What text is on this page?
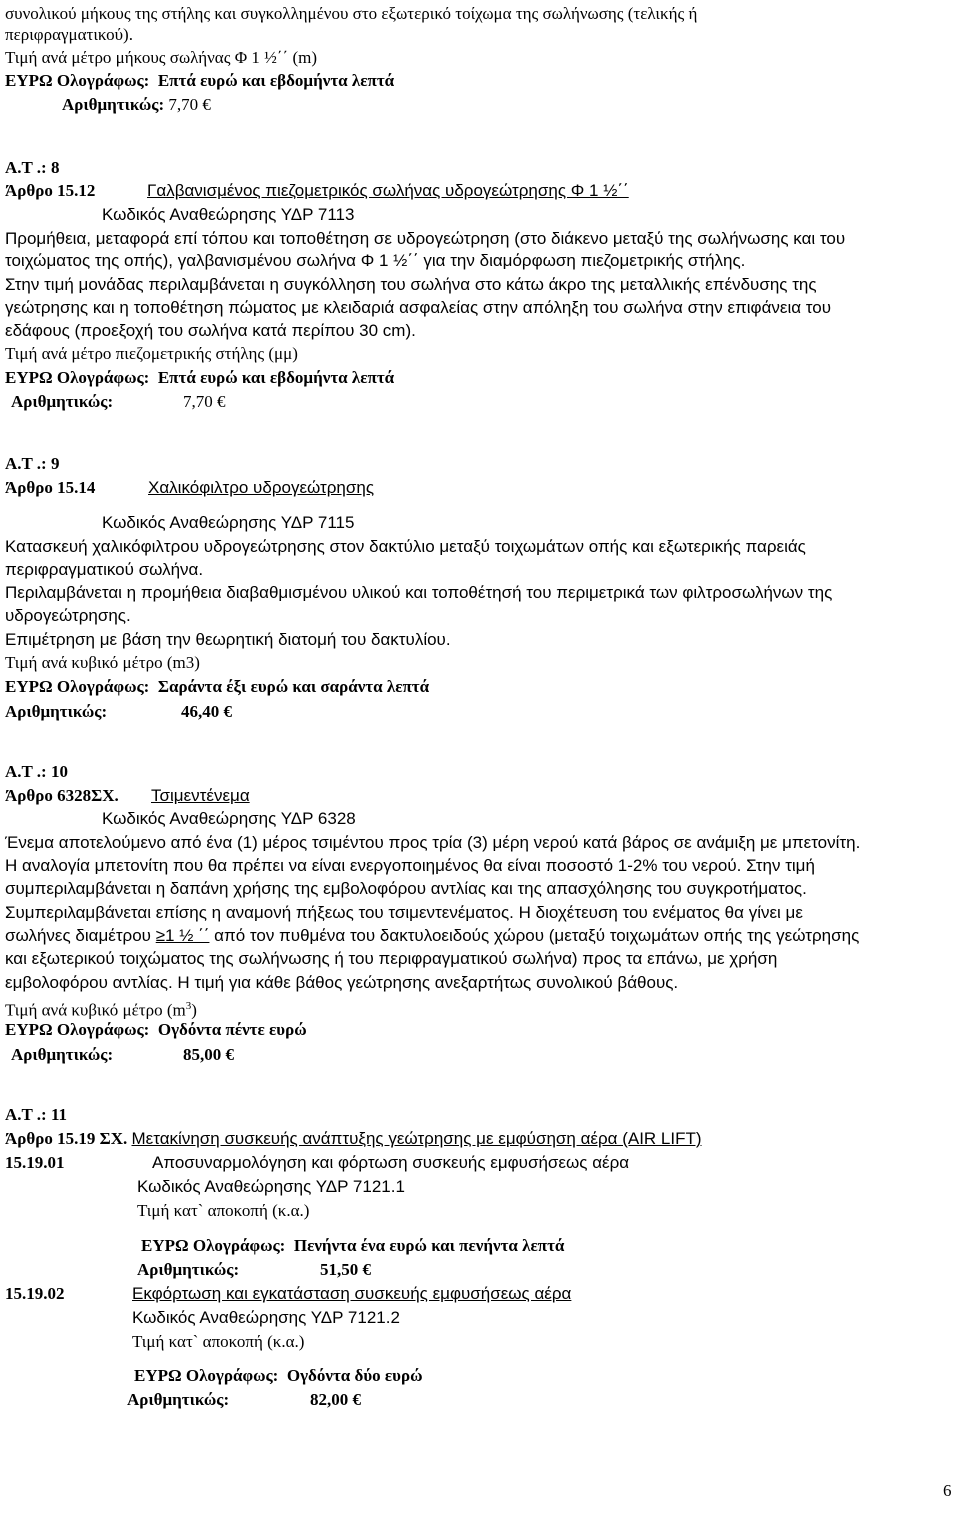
συνολικού μήκους της στήλης και συγκολλημένου στο εξωτερικό τοίχωμα της σωλήνωσης (τελικής ή
περιφραγματικού).
Τιμή ανά μέτρο μήκους σωλήνας Φ 1 ½΄΄ (m)
ΕΥΡΩ Ολογράφως: Επτά ευρώ και εβδομήντα λεπτά
Αριθμητικώς: 7,70 €
Α.Τ .: 8
Άρθρο 15.12	Γαλβανισμένος πιεζομετρικός σωλήνας υδρογεώτρησης Φ 1 ½΄΄
Κωδικός Αναθεώρησης ΥΔΡ 7113
Προμήθεια, μεταφορά επί τόπου και τοποθέτηση σε υδρογεώτρηση (στο διάκενο μεταξύ της σωλήνωσης και του
τοιχώματος της οπής), γαλβανισμένου σωλήνα Φ 1 ½΄΄ για την διαμόρφωση πιεζομετρικής στήλης.
Στην τιμή μονάδας περιλαμβάνεται η συγκόλληση του σωλήνα στο κάτω άκρο της μεταλλικής επένδυσης της
γεώτρησης και η τοποθέτηση πώματος με κλειδαριά ασφαλείας στην απόληξη του σωλήνα στην επιφάνεια του
εδάφους (προεξοχή του σωλήνα κατά περίπου 30 cm).
Τιμή ανά μέτρο πιεζομετρικής στήλης (μμ)
ΕΥΡΩ Ολογράφως: Επτά ευρώ και εβδομήντα λεπτά
Αριθμητικώς:	7,70 €
Α.Τ .: 9
Άρθρο 15.14	Χαλικόφιλτρο υδρογεώτρησης
Κωδικός Αναθεώρησης ΥΔΡ 7115
Κατασκευή χαλικόφιλτρου υδρογεώτρησης στον δακτύλιο μεταξύ τοιχωμάτων οπής και εξωτερικής παρειάς
περιφραγματικού σωλήνα.
Περιλαμβάνεται η προμήθεια διαβαθμισμένου υλικού και τοποθέτησή του περιμετρικά των φιλτροσωλήνων της
υδρογεώτρησης.
Επιμέτρηση με βάση την θεωρητική διατομή του δακτυλίου.
Τιμή ανά κυβικό μέτρο (m3)
ΕΥΡΩ Ολογράφως: Σαράντα έξι ευρώ και σαράντα λεπτά
Αριθμητικώς:	46,40 €
Α.Τ .: 10
Άρθρο 6328ΣΧ. Τσιμεντένεμα
Κωδικός Αναθεώρησης ΥΔΡ 6328
Ένεμα αποτελούμενο από ένα (1) μέρος τσιμέντου προς τρία (3) μέρη νερού κατά βάρος σε ανάμιξη με μπετονίτη.
Η αναλογία μπετονίτη που θα πρέπει να είναι ενεργοποιημένος θα είναι ποσοστό 1-2% του νερού. Στην τιμή
συμπεριλαμβάνεται η δαπάνη χρήσης της εμβολοφόρου αντλίας και της απασχόλησης του συγκροτήματος.
Συμπεριλαμβάνεται επίσης η αναμονή πήξεως του τσιμεντενέματος. Η διοχέτευση του ενέματος θα γίνει με
σωλήνες διαμέτρου ≥1 ½ ΄΄ από τον πυθμένα του δακτυλοειδούς χώρου (μεταξύ τοιχωμάτων οπής της γεώτρησης
και εξωτερικού τοιχώματος της σωλήνωσης ή του περιφραγματικού σωλήνα) προς τα επάνω, με χρήση
εμβολοφόρου αντλίας. Η τιμή για κάθε βάθος γεώτρησης ανεξαρτήτως συνολικού βάθους.
Τιμή ανά κυβικό μέτρο $(m^3)$
ΕΥΡΩ Ολογράφως: Ογδόντα πέντε ευρώ
Αριθμητικώς:	85,00 €
Α.Τ .: 11
Άρθρο 15.19 ΣΧ. Μετακίνηση συσκευής ανάπτυξης γεώτρησης με εμφύσηση αέρα (AIR LIFT)
15.19.01	Αποσυναρμολόγηση και φόρτωση συσκευής εμφυσήσεως αέρα
Κωδικός Αναθεώρησης ΥΔΡ 7121.1
Τιμή κατ` αποκοπή (κ.α.)
ΕΥΡΩ Ολογράφως: Πενήντα ένα ευρώ και πενήντα λεπτά
Αριθμητικώς:	51,50 €
15.19.02	Εκφόρτωση και εγκατάσταση συσκευής εμφυσήσεως αέρα
Κωδικός Αναθεώρησης ΥΔΡ 7121.2
Τιμή κατ` αποκοπή (κ.α.)
ΕΥΡΩ Ολογράφως: Ογδόντα δύο ευρώ
Αριθμητικώς:	82,00 €
6
